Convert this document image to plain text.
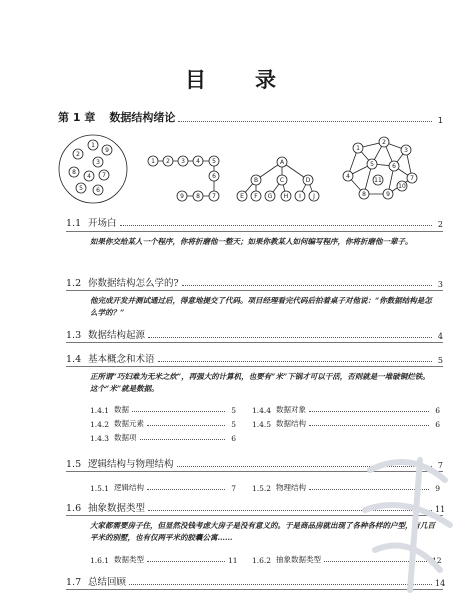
目　录
第 1 章 数据结构绪论	1
1
9
2
3
8
4 7
5 6
1 2 3 4 5
6
9 8 7
A
B	C	D
E F G H I J
1
2
3
4
5	6
7
8	9
10
11
1.1 开场白	2
如果你交给某人一个程序，你将折磨他一整天；如果你教某人如何编写程序，你将折磨他一辈子。
1.2 你数据结构怎么学的?	3
他完成开发并测试通过后，得意地提交了代码。项目经理看完代码后拍着桌子对他说：“你数据结构是怎么学的？”
1.3 数据结构起源	4
1.4 基本概念和术语	5
正所谓“巧妇难为无米之炊”，再强大的计算机，也要有“米”下锅才可以干活，否则就是一堆破铜烂铁。这个“米”就是数据。
1.4.1 数据	5 1.4.4 数据对象	6
1.4.2 数据元素	5 1.4.5 数据结构	6
1.4.3 数据项	6
1.5 逻辑结构与物理结构	7
1.5.1 逻辑结构	7 1.5.2 物理结构	9
1.6 抽象数据类型	11
大家都需要房子住，但显然没钱考虑大房子是没有意义的。于是商品房就出现了各种各样的户型，有几百平米的别墅，也有仅两平米的胶囊公寓……
1.6.1 数据类型	11 1.6.2 抽象数据类型	12
1.7 总结回顾	14
